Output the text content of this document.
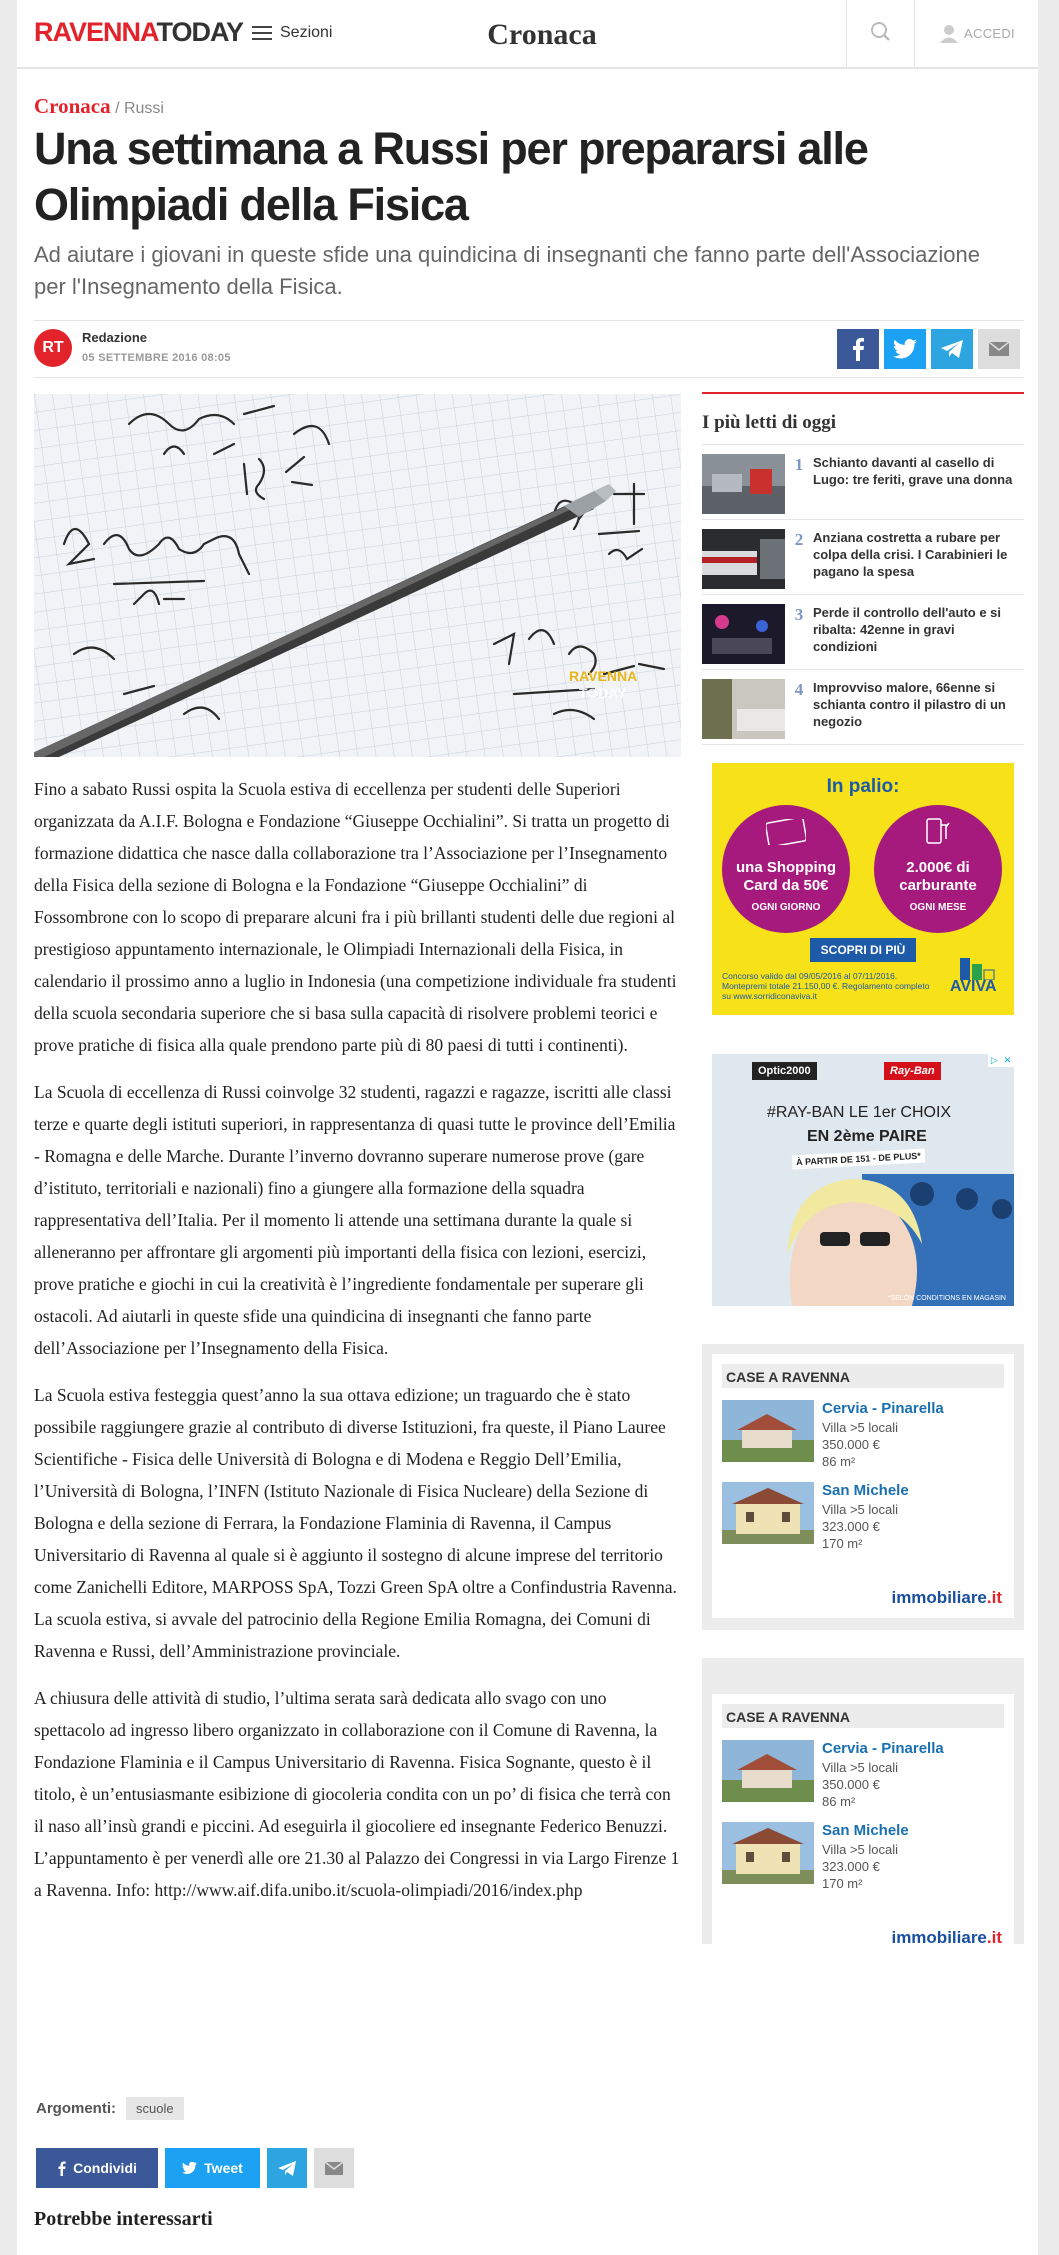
RAVENNATODAY Sezioni	Cronaca	ACCEDI
Cronaca / Russi
Una settimana a Russi per prepararsi alle Olimpiadi della Fisica
Ad aiutare i giovani in queste sfide una quindicina di insegnanti che fanno parte dell'Associazione per l'Insegnamento della Fisica.
RT
Redazione
05 SETTEMBRE 2016 08:05
RAVENNA
TODAY

Fino a sabato Russi ospita la Scuola estiva di eccellenza per studenti delle Superiori organizzata da A.I.F. Bologna e Fondazione “Giuseppe Occhialini”. Si tratta un progetto di formazione didattica che nasce dalla collaborazione tra l’Associazione per l’Insegnamento della Fisica della sezione di Bologna e la Fondazione “Giuseppe Occhialini” di Fossombrone con lo scopo di preparare alcuni fra i più brillanti studenti delle due regioni al prestigioso appuntamento internazionale, le Olimpiadi Internazionali della Fisica, in calendario il prossimo anno a luglio in Indonesia (una competizione individuale fra studenti della scuola secondaria superiore che si basa sulla capacità di risolvere problemi teorici e prove pratiche di fisica alla quale prendono parte più di 80 paesi di tutti i continenti).

La Scuola di eccellenza di Russi coinvolge 32 studenti, ragazzi e ragazze, iscritti alle classi terze e quarte degli istituti superiori, in rappresentanza di quasi tutte le province dell’Emilia - Romagna e delle Marche. Durante l’inverno dovranno superare numerose prove (gare d’istituto, territoriali e nazionali) fino a giungere alla formazione della squadra rappresentativa dell’Italia. Per il momento li attende una settimana durante la quale si alleneranno per affrontare gli argomenti più importanti della fisica con lezioni, esercizi, prove pratiche e giochi in cui la creatività è l’ingrediente fondamentale per superare gli ostacoli. Ad aiutarli in queste sfide una quindicina di insegnanti che fanno parte dell’Associazione per l’Insegnamento della Fisica.

La Scuola estiva festeggia quest’anno la sua ottava edizione; un traguardo che è stato possibile raggiungere grazie al contributo di diverse Istituzioni, fra queste, il Piano Lauree Scientifiche - Fisica delle Università di Bologna e di Modena e Reggio Dell’Emilia, l’Università di Bologna, l’INFN (Istituto Nazionale di Fisica Nucleare) della Sezione di Bologna e della sezione di Ferrara, la Fondazione Flaminia di Ravenna, il Campus Universitario di Ravenna al quale si è aggiunto il sostegno di alcune imprese del territorio come Zanichelli Editore, MARPOSS SpA, Tozzi Green SpA oltre a Confindustria Ravenna. La scuola estiva, si avvale del patrocinio della Regione Emilia Romagna, dei Comuni di Ravenna e Russi, dell’Amministrazione provinciale.

A chiusura delle attività di studio, l’ultima serata sarà dedicata allo svago con uno spettacolo ad ingresso libero organizzato in collaborazione con il Comune di Ravenna, la Fondazione Flaminia e il Campus Universitario di Ravenna. Fisica Sognante, questo è il titolo, è un’entusiasmante esibizione di giocoleria condita con un po’ di fisica che terrà con il naso all’insù grandi e piccini. Ad eseguirla il giocoliere ed insegnante Federico Benuzzi. L’appuntamento è per venerdì alle ore 21.30 al Palazzo dei Congressi in via Largo Firenze 1 a Ravenna. Info: http://www.aif.difa.unibo.it/scuola-olimpiadi/2016/index.php

Argomenti:	scuole
Condividi	Tweet
Potrebbe interessarti
I più letti di oggi
1 Schianto davanti al casello di Lugo: tre feriti, grave una donna
2 Anziana costretta a rubare per colpa della crisi. I Carabinieri le pagano la spesa
3 Perde il controllo dell'auto e si ribalta: 42enne in gravi condizioni
4 Improvviso malore, 66enne si schianta contro il pilastro di un negozio
In palio:
una Shopping Card da 50€
OGNI GIORNO
2.000€ di carburante
OGNI MESE
SCOPRI DI PIÙ
Concorso valido dal 09/05/2016 al 07/11/2016. Montepremi totale 21.150,00 €. Regolamento completo su www.sorridiconaviva.it
AVIVA
Optic2000	Ray-Ban
#RAY-BAN LE 1er CHOIX
EN 2ème PAIRE
À PARTIR DE 151 - DE PLUS*
*SELON CONDITIONS EN MAGASIN
▷ ✕
CASE A RAVENNA
Cervia - Pinarella
Villa >5 locali
350.000 €
86 m²
San Michele
Villa >5 locali
323.000 €
170 m²
immobiliare.it
CASE A RAVENNA
Cervia - Pinarella
Villa >5 locali
350.000 €
86 m²
San Michele
Villa >5 locali
323.000 €
170 m²
immobiliare.it
